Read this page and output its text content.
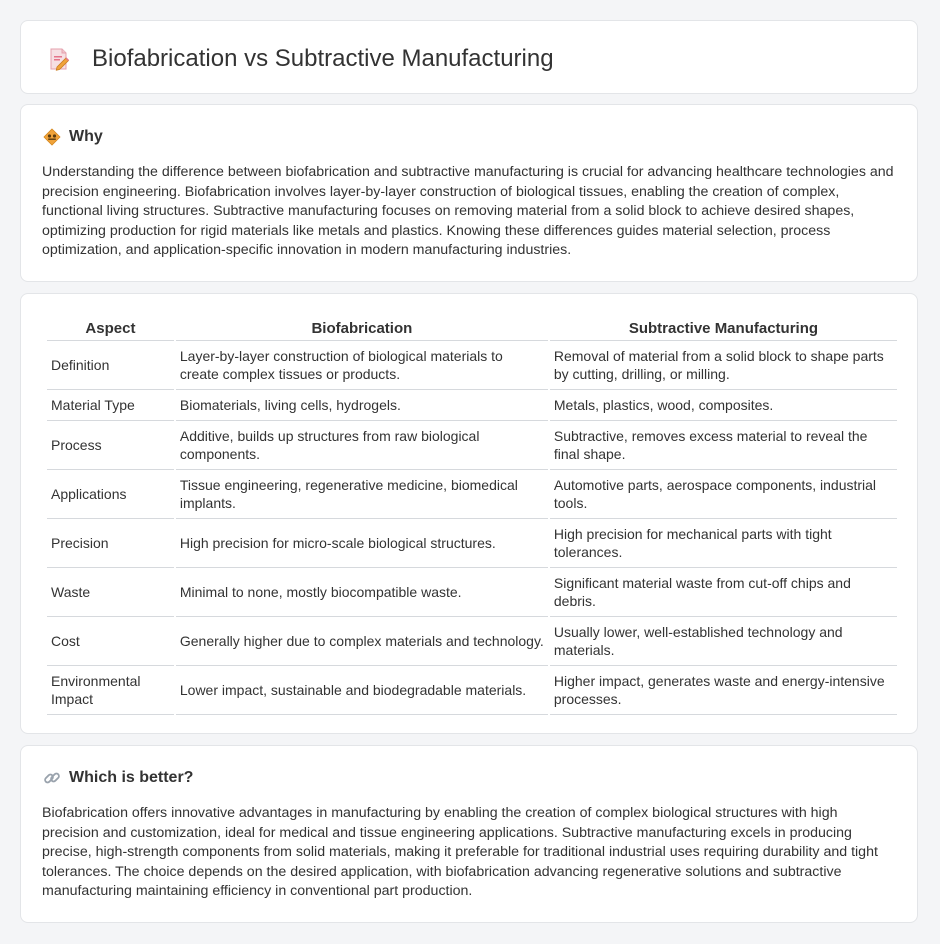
Biofabrication vs Subtractive Manufacturing
Why

Understanding the difference between biofabrication and subtractive manufacturing is crucial for advancing healthcare technologies and precision engineering. Biofabrication involves layer-by-layer construction of biological tissues, enabling the creation of complex, functional living structures. Subtractive manufacturing focuses on removing material from a solid block to achieve desired shapes, optimizing production for rigid materials like metals and plastics. Knowing these differences guides material selection, process optimization, and application-specific innovation in modern manufacturing industries.

Aspect	Biofabrication	Subtractive Manufacturing
Definition	Layer-by-layer construction of biological materials to create complex tissues or products.	Removal of material from a solid block to shape parts by cutting, drilling, or milling.
Material Type	Biomaterials, living cells, hydrogels.	Metals, plastics, wood, composites.
Process	Additive, builds up structures from raw biological components.	Subtractive, removes excess material to reveal the final shape.
Applications	Tissue engineering, regenerative medicine, biomedical implants.	Automotive parts, aerospace components, industrial tools.
Precision	High precision for micro-scale biological structures.	High precision for mechanical parts with tight tolerances.
Waste	Minimal to none, mostly biocompatible waste.	Significant material waste from cut-off chips and debris.
Cost	Generally higher due to complex materials and technology.	Usually lower, well-established technology and materials.
Environmental Impact	Lower impact, sustainable and biodegradable materials.	Higher impact, generates waste and energy-intensive processes.
Which is better?

Biofabrication offers innovative advantages in manufacturing by enabling the creation of complex biological structures with high precision and customization, ideal for medical and tissue engineering applications. Subtractive manufacturing excels in producing precise, high-strength components from solid materials, making it preferable for traditional industrial uses requiring durability and tight tolerances. The choice depends on the desired application, with biofabrication advancing regenerative solutions and subtractive manufacturing maintaining efficiency in conventional part production.
